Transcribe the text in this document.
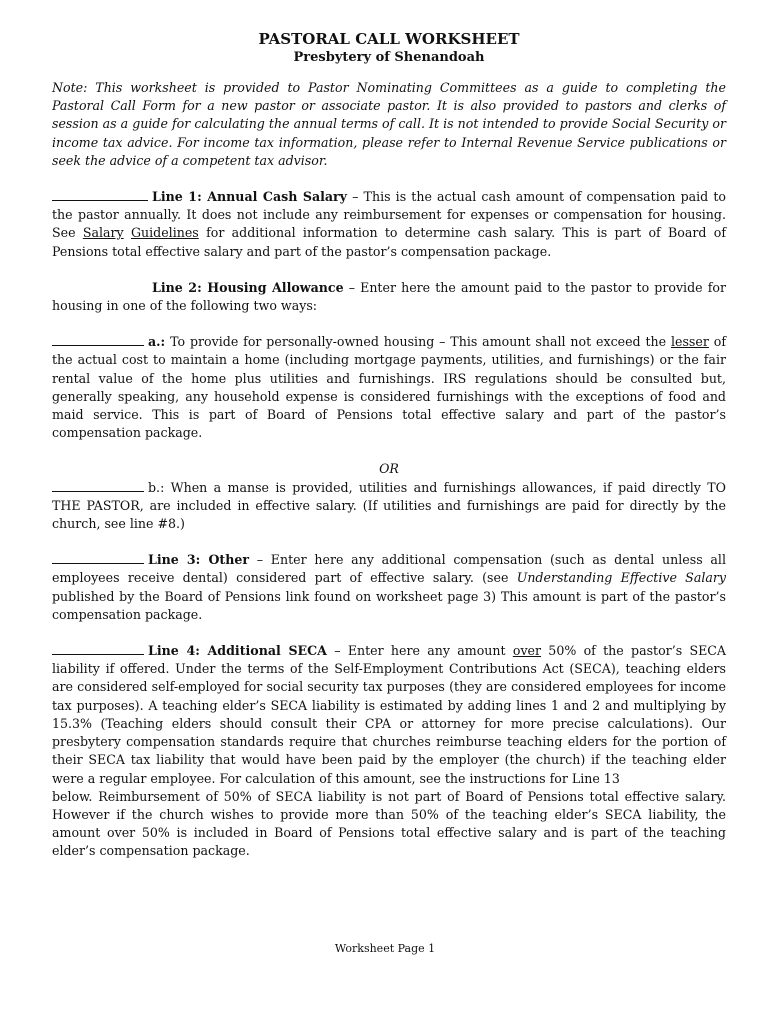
PASTORAL CALL WORKSHEET
Presbytery of Shenandoah

Note: This worksheet is provided to Pastor Nominating Committees as a guide to completing the Pastoral Call Form for a new pastor or associate pastor. It is also provided to pastors and clerks of session as a guide for calculating the annual terms of call. It is not intended to provide Social Security or income tax advice. For income tax information, please refer to Internal Revenue Service publications or seek the advice of a competent tax advisor.

Line 1: Annual Cash Salary – This is the actual cash amount of compensation paid to the pastor annually. It does not include any reimbursement for expenses or compensation for housing. See Salary Guidelines for additional information to determine cash salary. This is part of Board of Pensions total effective salary and part of the pastor’s compensation package.

Line 2: Housing Allowance – Enter here the amount paid to the pastor to provide for housing in one of the following two ways:

a.: To provide for personally-owned housing – This amount shall not exceed the lesser of the actual cost to maintain a home (including mortgage payments, utilities, and furnishings) or the fair rental value of the home plus utilities and furnishings. IRS regulations should be consulted but, generally speaking, any household expense is considered furnishings with the exceptions of food and maid service. This is part of Board of Pensions total effective salary and part of the pastor’s compensation package.

OR

b.: When a manse is provided, utilities and furnishings allowances, if paid directly TO THE PASTOR, are included in effective salary. (If utilities and furnishings are paid for directly by the church, see line #8.)

Line 3: Other – Enter here any additional compensation (such as dental unless all employees receive dental) considered part of effective salary. (see Understanding Effective Salary published by the Board of Pensions link found on worksheet page 3) This amount is part of the pastor’s compensation package.

Line 4: Additional SECA – Enter here any amount over 50% of the pastor’s SECA liability if offered. Under the terms of the Self-Employment Contributions Act (SECA), teaching elders are considered self-employed for social security tax purposes (they are considered employees for income tax purposes). A teaching elder’s SECA liability is estimated by adding lines 1 and 2 and multiplying by 15.3% (Teaching elders should consult their CPA or attorney for more precise calculations). Our presbytery compensation standards require that churches reimburse teaching elders for the portion of their SECA tax liability that would have been paid by the employer (the church) if the teaching elder were a regular employee. For calculation of this amount, see the instructions for Line 13

below. Reimbursement of 50% of SECA liability is not part of Board of Pensions total effective salary. However if the church wishes to provide more than 50% of the teaching elder’s SECA liability, the amount over 50% is included in Board of Pensions total effective salary and is part of the teaching elder’s compensation package.

Worksheet Page 1
